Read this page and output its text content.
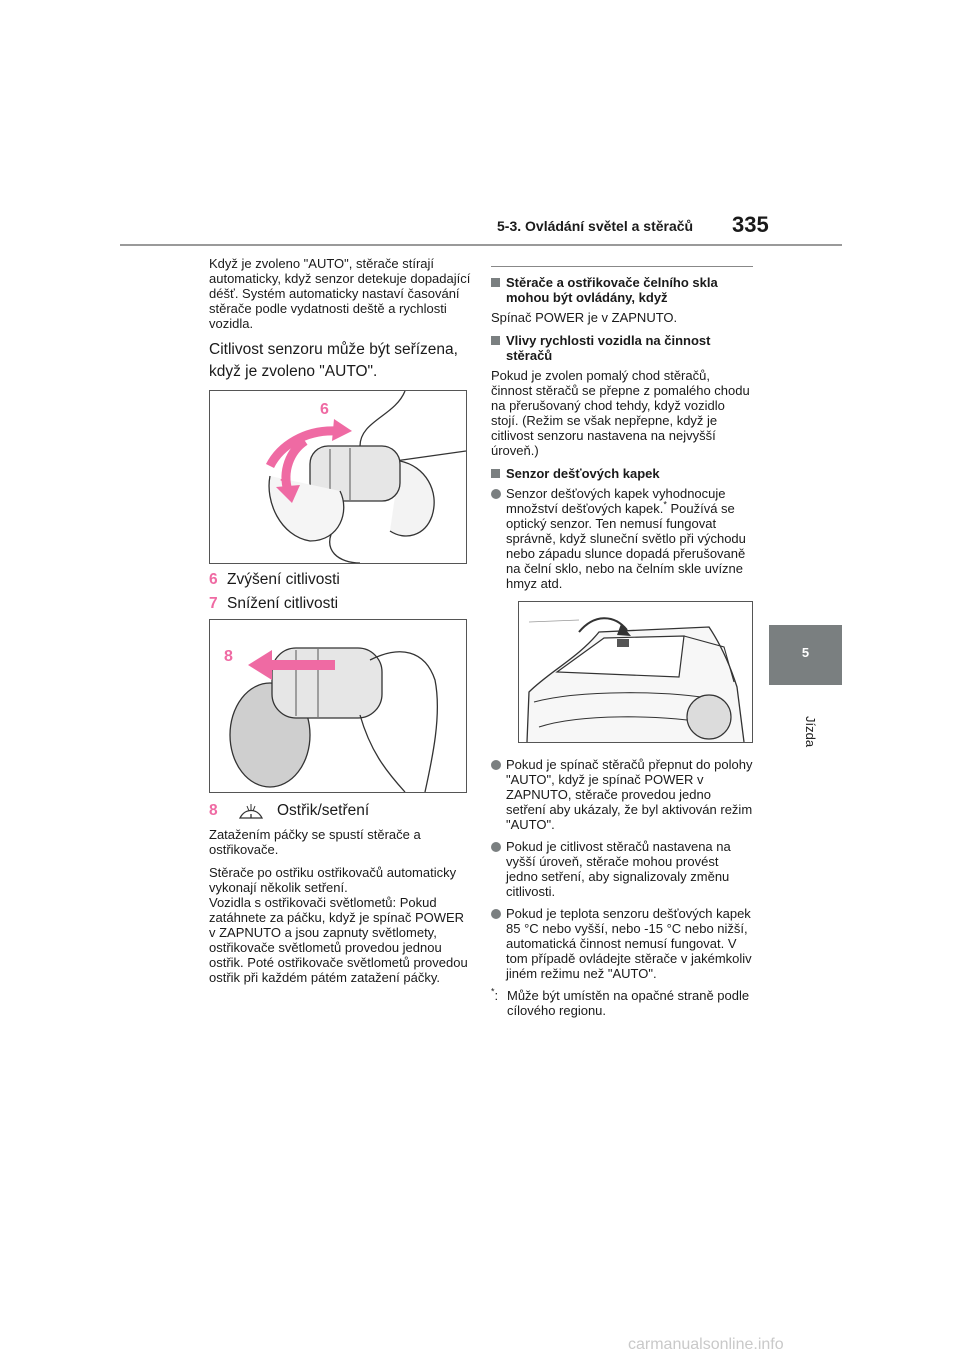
5-3. Ovládání světel a stěračů 335
5
Jízda

Když je zvoleno "AUTO", stěrače stírají automaticky, když senzor detekuje dopadající déšť. Systém automaticky nastaví časování stěrače podle vydatnosti deště a rychlosti vozidla.

Citlivost senzoru může být seřízena, když je zvoleno "AUTO".

6
7
6 Zvýšení citlivosti
7 Snížení citlivosti
8
8	Ostřik/setření

Zatažením páčky se spustí stěrače a ostřikovače.

Stěrače po ostřiku ostřikovačů automaticky vykonají několik setření.

Vozidla s ostřikovači světlometů: Pokud zatáhnete za páčku, když je spínač POWER v ZAPNUTO a jsou zapnuty světlomety, ostřikovače světlometů provedou jednou ostřik. Poté ostřikovače světlometů provedou ostřik při každém pátém zatažení páčky.

Stěrače a ostřikovače čelního skla mohou být ovládány, když

Spínač POWER je v ZAPNUTO.

Vlivy rychlosti vozidla na činnost stěračů

Pokud je zvolen pomalý chod stěračů, činnost stěračů se přepne z pomalého chodu na přerušovaný chod tehdy, když vozidlo stojí. (Režim se však nepřepne, když je citlivost senzoru nastavena na nejvyšší úroveň.)

Senzor dešťových kapek
Senzor dešťových kapek vyhodnocuje množství dešťových kapek.* Používá se optický senzor. Ten nemusí fungovat správně, když sluneční světlo při východu nebo západu slunce dopadá přerušovaně na čelní sklo, nebo na čelním skle uvízne hmyz atd.
Pokud je spínač stěračů přepnut do polohy "AUTO", když je spínač POWER v ZAPNUTO, stěrače provedou jedno setření aby ukázaly, že byl aktivován režim "AUTO".
Pokud je citlivost stěračů nastavena na vyšší úroveň, stěrače mohou provést jedno setření, aby signalizovaly změnu citlivosti.
Pokud je teplota senzoru dešťových kapek 85 °C nebo vyšší, nebo -15 °C nebo nižší, automatická činnost nemusí fungovat. V tom případě ovládejte stěrače v jakémkoliv jiném režimu než "AUTO".
*: Může být umístěn na opačné straně podle cílového regionu.
carmanualsonline.info
